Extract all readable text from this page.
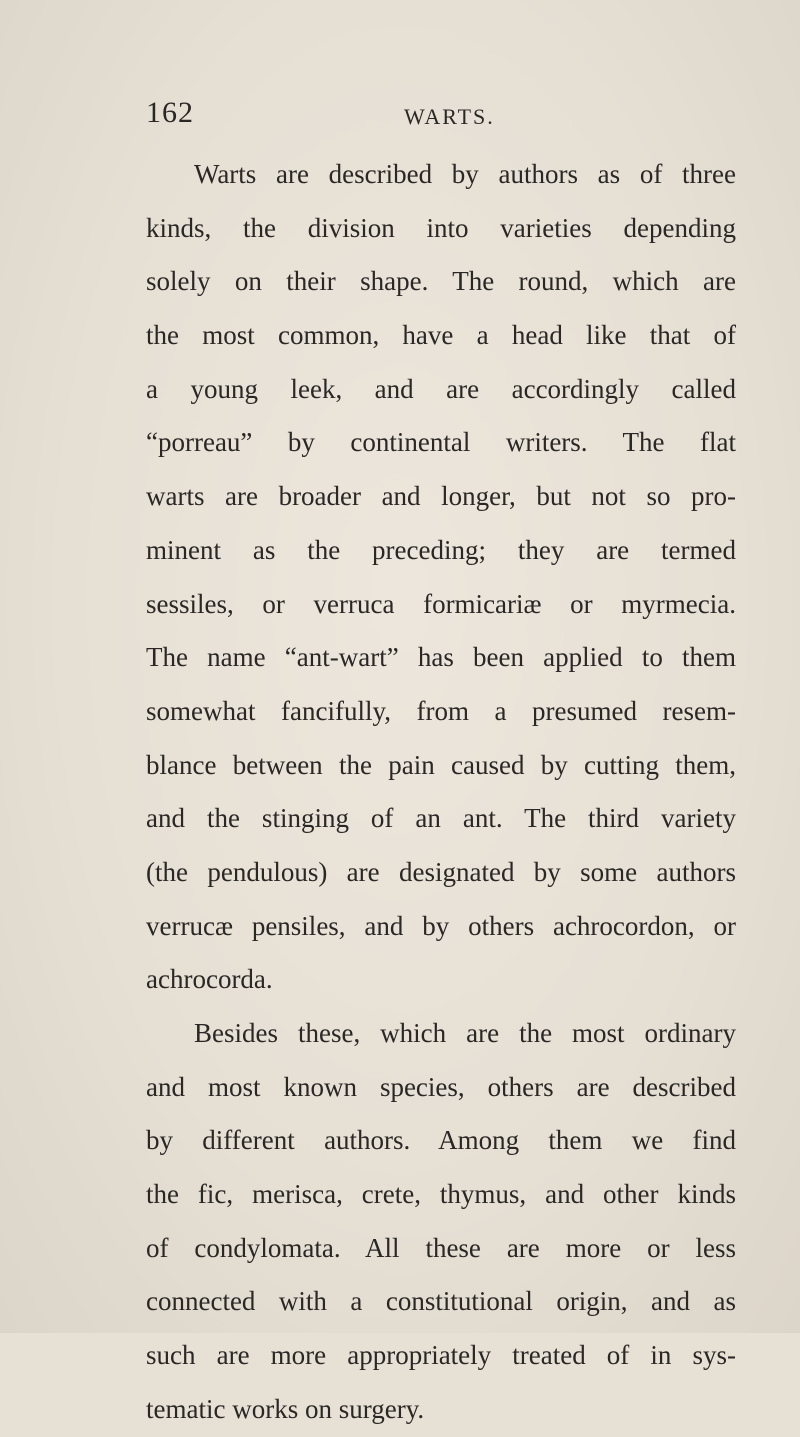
162	WARTS.
Warts are described by authors as of three
kinds, the division into varieties depending
solely on their shape. The round, which are
the most common, have a head like that of
a young leek, and are accordingly called
“porreau” by continental writers. The flat
warts are broader and longer, but not so pro-
minent as the preceding; they are termed
sessiles, or verruca formicariæ or myrmecia.
The name “ant-wart” has been applied to them
somewhat fancifully, from a presumed resem-
blance between the pain caused by cutting them,
and the stinging of an ant. The third variety
(the pendulous) are designated by some authors
verrucæ pensiles, and by others achrocordon, or
achrocorda.
Besides these, which are the most ordinary
and most known species, others are described
by different authors. Among them we find
the fic, merisca, crete, thymus, and other kinds
of condylomata. All these are more or less
connected with a constitutional origin, and as
such are more appropriately treated of in sys-
tematic works on surgery.
